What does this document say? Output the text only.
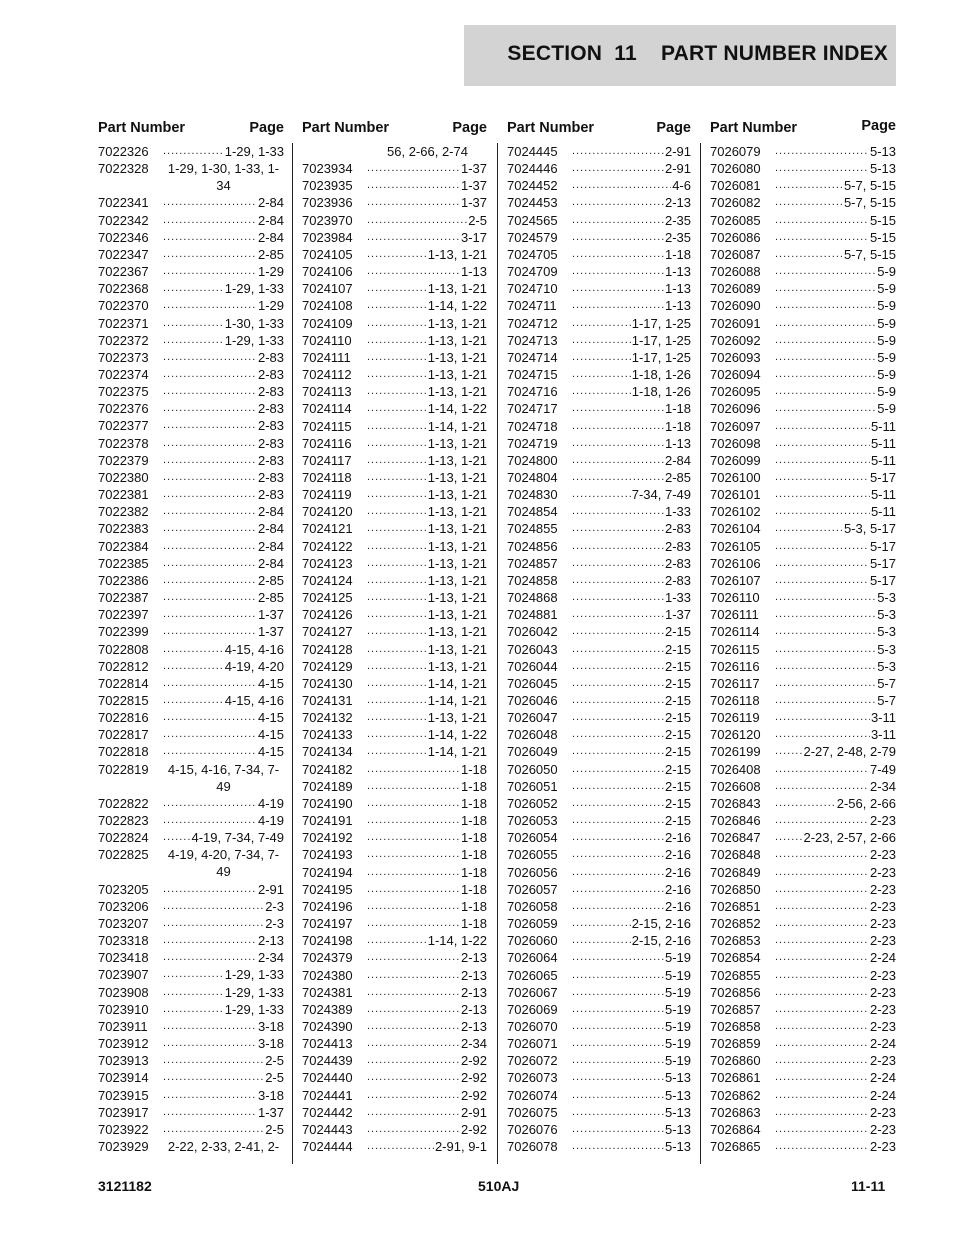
SECTION  11    PART NUMBER INDEX
Part Number	Page
7022326 .....	1-29, 1-33
7022328	1-29, 1-30, 1-33, 1-34
7022341 .....	2-84
7022342 .....	2-84
7022346 .....	2-84
7022347 .....	2-85
7022367 .....	1-29
7022368 .....	1-29, 1-33
7022370 .....	1-29
7022371 .....	1-30, 1-33
7022372 .....	1-29, 1-33
7022373 .....	2-83
7022374 .....	2-83
7022375 .....	2-83
7022376 .....	2-83
7022377 .....	2-83
7022378 .....	2-83
7022379 .....	2-83
7022380 .....	2-83
7022381 .....	2-83
7022382 .....	2-84
7022383 .....	2-84
7022384 .....	2-84
7022385 .....	2-84
7022386 .....	2-85
7022387 .....	2-85
7022397 .....	1-37
7022399 .....	1-37
7022808 .....	4-15, 4-16
7022812 .....	4-19, 4-20
7022814 .....	4-15
7022815 .....	4-15, 4-16
7022816 .....	4-15
7022817 .....	4-15
7022818 .....	4-15
7022819	4-15, 4-16, 7-34, 7-49
7022822 .....	4-19
7022823 .....	4-19
7022824 .....	4-19, 7-34, 7-49
7022825	4-19, 4-20, 7-34, 7-49
7023205 .....	2-91
7023206 .....	2-3
7023207 .....	2-3
7023318 .....	2-13
7023418 .....	2-34
7023907 .....	1-29, 1-33
7023908 .....	1-29, 1-33
7023910 .....	1-29, 1-33
7023911 .....	3-18
7023912 .....	3-18
7023913 .....	2-5
7023914 .....	2-5
7023915 .....	3-18
7023917 .....	1-37
7023922 .....	2-5
7023929	2-22, 2-33, 2-41, 2-
Part Number	Page
56, 2-66, 2-74
7023934 .....	1-37
7023935 .....	1-37
7023936 .....	1-37
7023970 .....	2-5
7023984 .....	3-17
7024105 .....	1-13, 1-21
7024106 .....	1-13
7024107 .....	1-13, 1-21
7024108 .....	1-14, 1-22
7024109 .....	1-13, 1-21
7024110 .....	1-13, 1-21
7024111 .....	1-13, 1-21
7024112 .....	1-13, 1-21
7024113 .....	1-13, 1-21
7024114 .....	1-14, 1-22
7024115 .....	1-14, 1-21
7024116 .....	1-13, 1-21
7024117 .....	1-13, 1-21
7024118 .....	1-13, 1-21
7024119 .....	1-13, 1-21
7024120 .....	1-13, 1-21
7024121 .....	1-13, 1-21
7024122 .....	1-13, 1-21
7024123 .....	1-13, 1-21
7024124 .....	1-13, 1-21
7024125 .....	1-13, 1-21
7024126 .....	1-13, 1-21
7024127 .....	1-13, 1-21
7024128 .....	1-13, 1-21
7024129 .....	1-13, 1-21
7024130 .....	1-14, 1-21
7024131 .....	1-14, 1-21
7024132 .....	1-13, 1-21
7024133 .....	1-14, 1-22
7024134 .....	1-14, 1-21
7024182 .....	1-18
7024189 .....	1-18
7024190 .....	1-18
7024191 .....	1-18
7024192 .....	1-18
7024193 .....	1-18
7024194 .....	1-18
7024195 .....	1-18
7024196 .....	1-18
7024197 .....	1-18
7024198 .....	1-14, 1-22
7024379 .....	2-13
7024380 .....	2-13
7024381 .....	2-13
7024389 .....	2-13
7024390 .....	2-13
7024413 .....	2-34
7024439 .....	2-92
7024440 .....	2-92
7024441 .....	2-92
7024442 .....	2-91
7024443 .....	2-92
7024444 .....	2-91, 9-1
Part Number	Page
7024445 .....	2-91
7024446 .....	2-91
7024452 .....	4-6
7024453 .....	2-13
7024565 .....	2-35
7024579 .....	2-35
7024705 .....	1-18
7024709 .....	1-13
7024710 .....	1-13
7024711 .....	1-13
7024712 .....	1-17, 1-25
7024713 .....	1-17, 1-25
7024714 .....	1-17, 1-25
7024715 .....	1-18, 1-26
7024716 .....	1-18, 1-26
7024717 .....	1-18
7024718 .....	1-18
7024719 .....	1-13
7024800 .....	2-84
7024804 .....	2-85
7024830 .....	7-34, 7-49
7024854 .....	1-33
7024855 .....	2-83
7024856 .....	2-83
7024857 .....	2-83
7024858 .....	2-83
7024868 .....	1-33
7024881 .....	1-37
7026042 .....	2-15
7026043 .....	2-15
7026044 .....	2-15
7026045 .....	2-15
7026046 .....	2-15
7026047 .....	2-15
7026048 .....	2-15
7026049 .....	2-15
7026050 .....	2-15
7026051 .....	2-15
7026052 .....	2-15
7026053 .....	2-15
7026054 .....	2-16
7026055 .....	2-16
7026056 .....	2-16
7026057 .....	2-16
7026058 .....	2-16
7026059 .....	2-15, 2-16
7026060 .....	2-15, 2-16
7026064 .....	5-19
7026065 .....	5-19
7026067 .....	5-19
7026069 .....	5-19
7026070 .....	5-19
7026071 .....	5-19
7026072 .....	5-19
7026073 .....	5-13
7026074 .....	5-13
7026075 .....	5-13
7026076 .....	5-13
7026078 .....	5-13
Part Number	Page
7026079 .....	5-13
7026080 .....	5-13
7026081 .....	5-7, 5-15
7026082 .....	5-7, 5-15
7026085 .....	5-15
7026086 .....	5-15
7026087 .....	5-7, 5-15
7026088 .....	5-9
7026089 .....	5-9
7026090 .....	5-9
7026091 .....	5-9
7026092 .....	5-9
7026093 .....	5-9
7026094 .....	5-9
7026095 .....	5-9
7026096 .....	5-9
7026097 .....	5-11
7026098 .....	5-11
7026099 .....	5-11
7026100 .....	5-17
7026101 .....	5-11
7026102 .....	5-11
7026104 .....	5-3, 5-17
7026105 .....	5-17
7026106 .....	5-17
7026107 .....	5-17
7026110 .....	5-3
7026111 .....	5-3
7026114 .....	5-3
7026115 .....	5-3
7026116 .....	5-3
7026117 .....	5-7
7026118 .....	5-7
7026119 .....	3-11
7026120 .....	3-11
7026199 .....	2-27, 2-48, 2-79
7026408 .....	7-49
7026608 .....	2-34
7026843 .....	2-56, 2-66
7026846 .....	2-23
7026847 .....	2-23, 2-57, 2-66
7026848 .....	2-23
7026849 .....	2-23
7026850 .....	2-23
7026851 .....	2-23
7026852 .....	2-23
7026853 .....	2-23
7026854 .....	2-24
7026855 .....	2-23
7026856 .....	2-23
7026857 .....	2-23
7026858 .....	2-23
7026859 .....	2-24
7026860 .....	2-23
7026861 .....	2-24
7026862 .....	2-24
7026863 .....	2-23
7026864 .....	2-23
7026865 .....	2-23
3121182	510AJ	11-11
